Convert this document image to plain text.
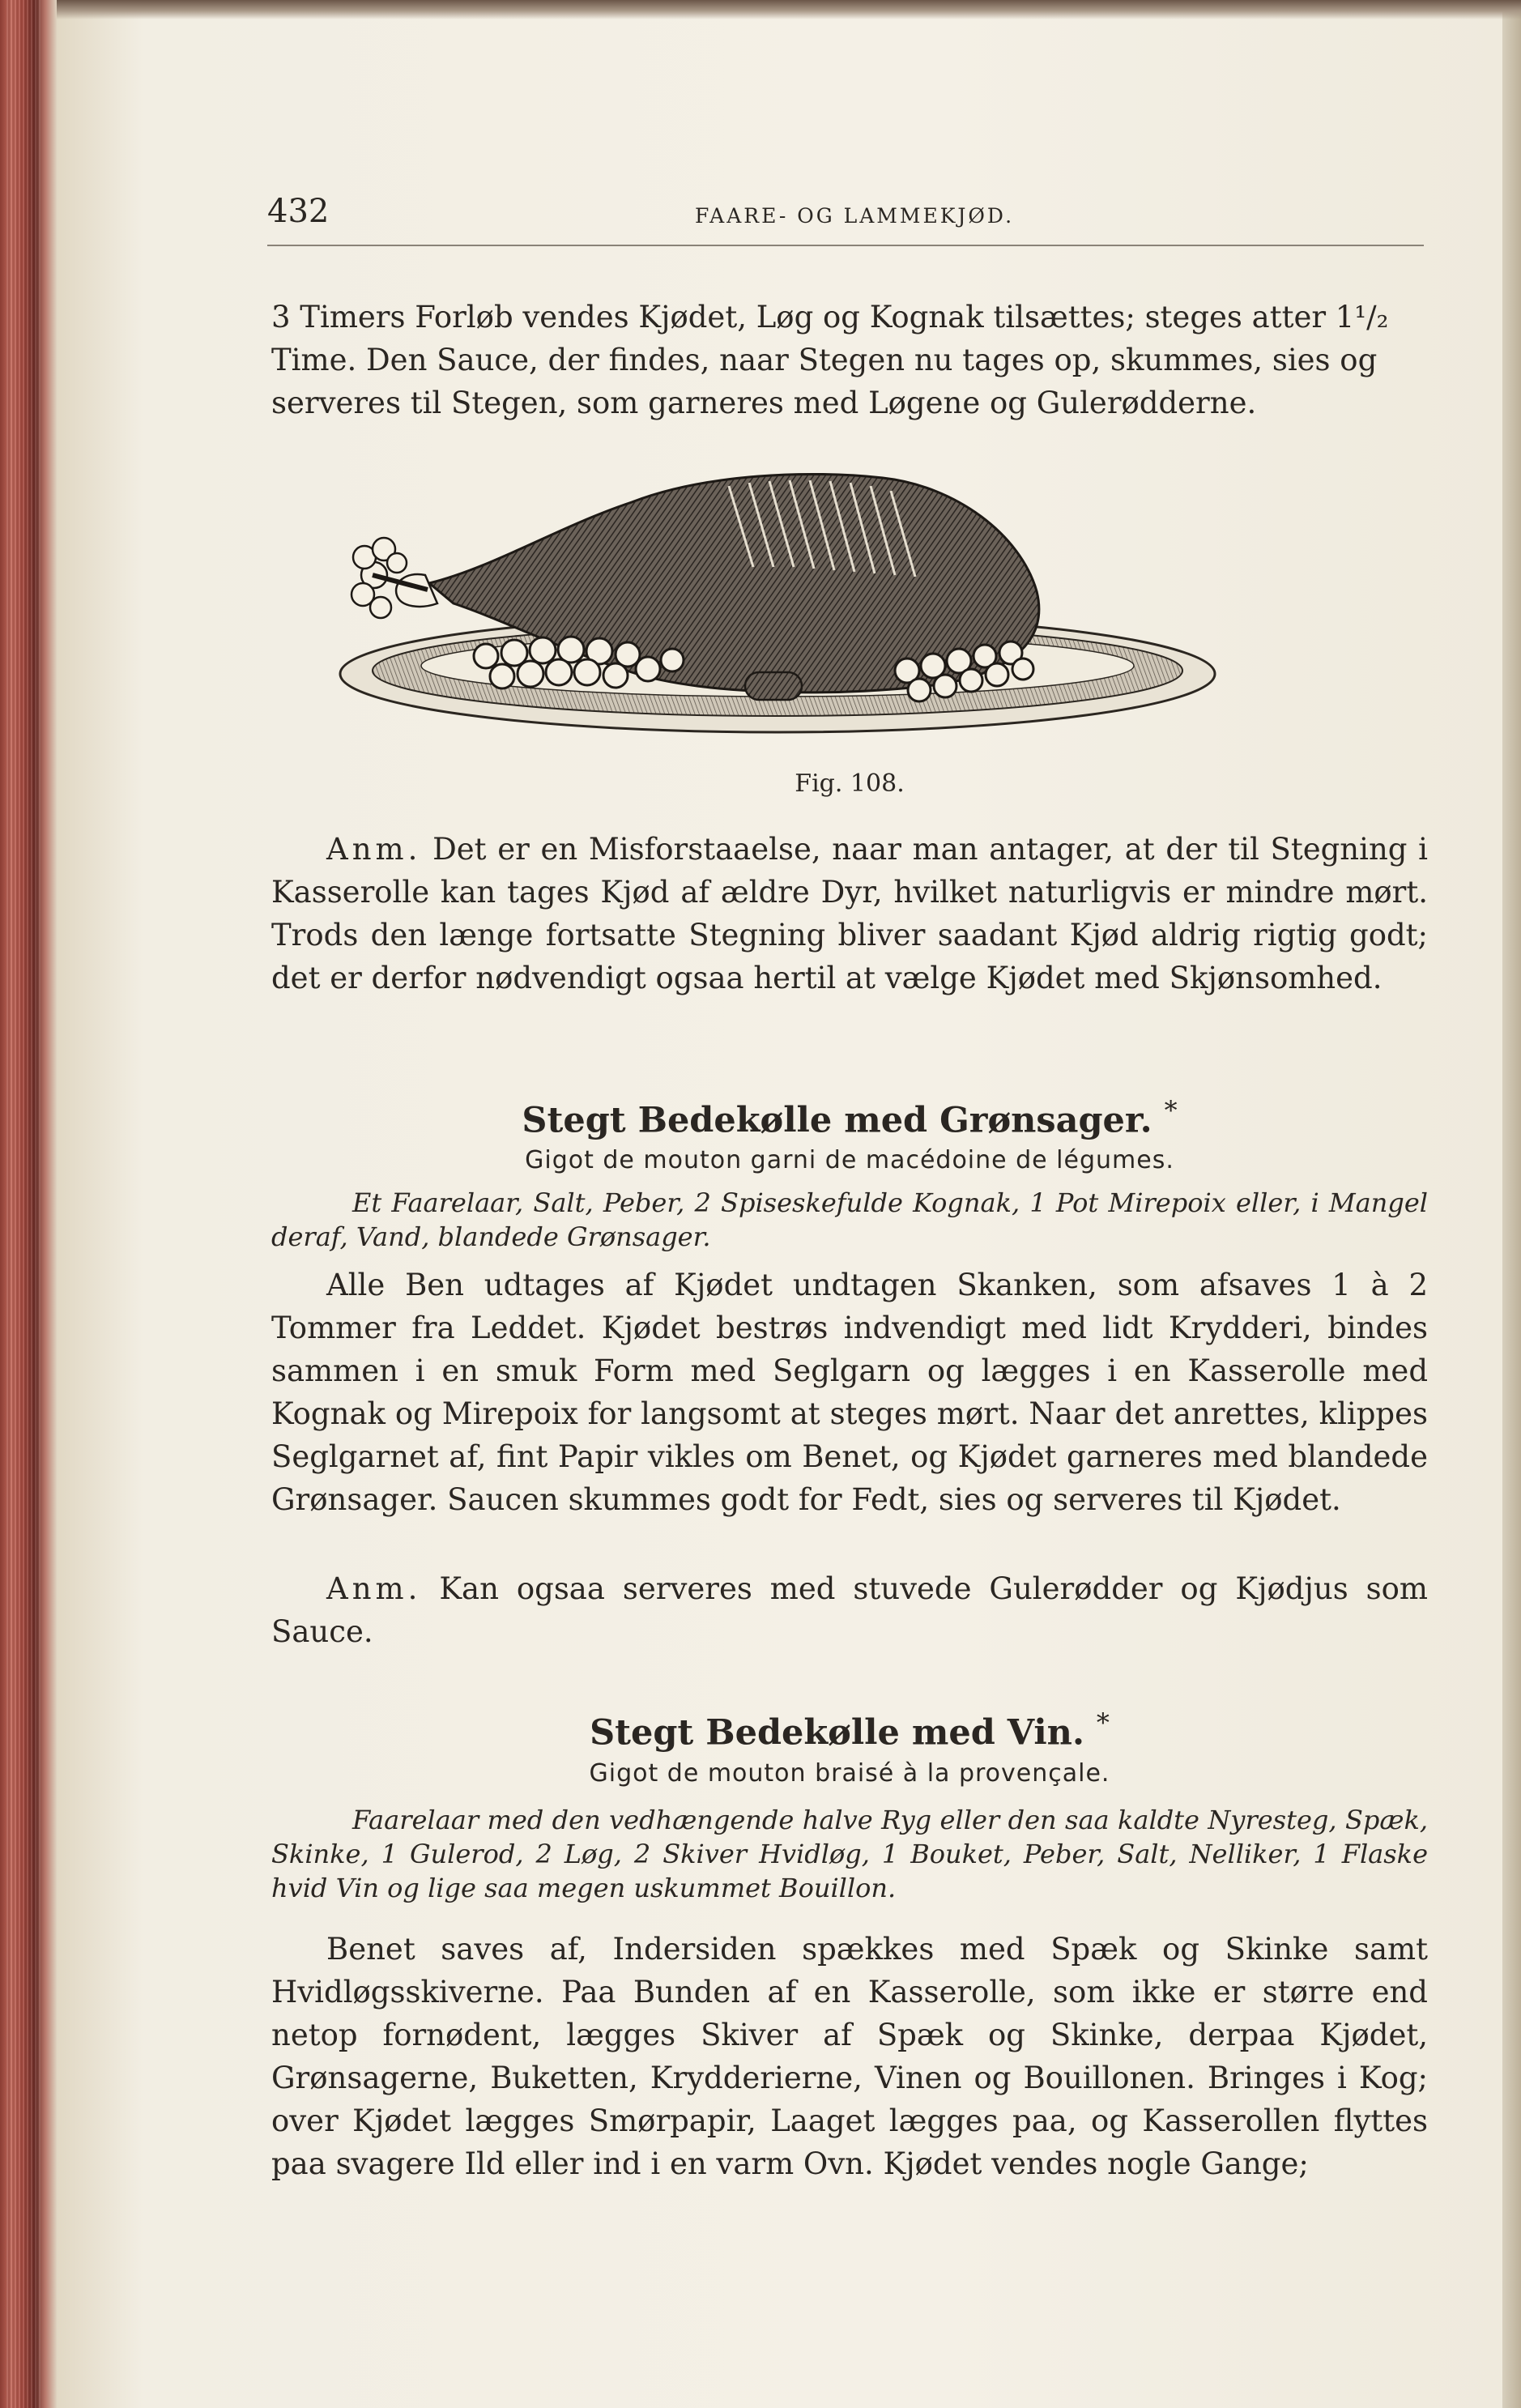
432	FAARE- OG LAMMEKJØD.
3 Timers Forløb vendes Kjødet, Løg og Kognak tilsættes; steges atter 1¹/₂
Time. Den Sauce, der findes, naar Stegen nu tages op, skummes, sies og
serveres til Stegen, som garneres med Løgene og Gulerødderne.
Fig. 108.
Anm. Det er en Misforstaaelse, naar man antager, at der til Stegning i Kasserolle kan tages Kjød af ældre Dyr, hvilket naturligvis er mindre mørt. Trods den længe fortsatte Stegning bliver saadant Kjød aldrig rigtig godt; det er derfor nødvendigt ogsaa hertil at vælge Kjødet med Skjønsomhed.
Stegt Bedekølle med Grønsager. *
Gigot de mouton garni de macédoine de légumes.
Et Faarelaar, Salt, Peber, 2 Spiseskefulde Kognak, 1 Pot Mirepoix eller, i Mangel deraf, Vand, blandede Grønsager.
Alle Ben udtages af Kjødet undtagen Skanken, som afsaves 1 à 2 Tommer fra Leddet. Kjødet bestrøs indvendigt med lidt Krydderi, bindes sammen i en smuk Form med Seglgarn og lægges i en Kasserolle med Kognak og Mirepoix for langsomt at steges mørt. Naar det anrettes, klippes Seglgarnet af, fint Papir vikles om Benet, og Kjødet garneres med blandede Grønsager. Saucen skummes godt for Fedt, sies og serveres til Kjødet.
Anm. Kan ogsaa serveres med stuvede Gulerødder og Kjødjus som Sauce.
Stegt Bedekølle med Vin. *
Gigot de mouton braisé à la provençale.
Faarelaar med den vedhængende halve Ryg eller den saa kaldte Nyresteg, Spæk, Skinke, 1 Gulerod, 2 Løg, 2 Skiver Hvidløg, 1 Bouket, Peber, Salt, Nelliker, 1 Flaske hvid Vin og lige saa megen uskummet Bouillon.
Benet saves af, Indersiden spækkes med Spæk og Skinke samt Hvidløgsskiverne. Paa Bunden af en Kasserolle, som ikke er større end netop fornødent, lægges Skiver af Spæk og Skinke, derpaa Kjødet, Grønsagerne, Buketten, Krydderierne, Vinen og Bouillonen. Bringes i Kog; over Kjødet lægges Smørpapir, Laaget lægges paa, og Kasserollen flyttes paa svagere Ild eller ind i en varm Ovn. Kjødet vendes nogle Gange;
